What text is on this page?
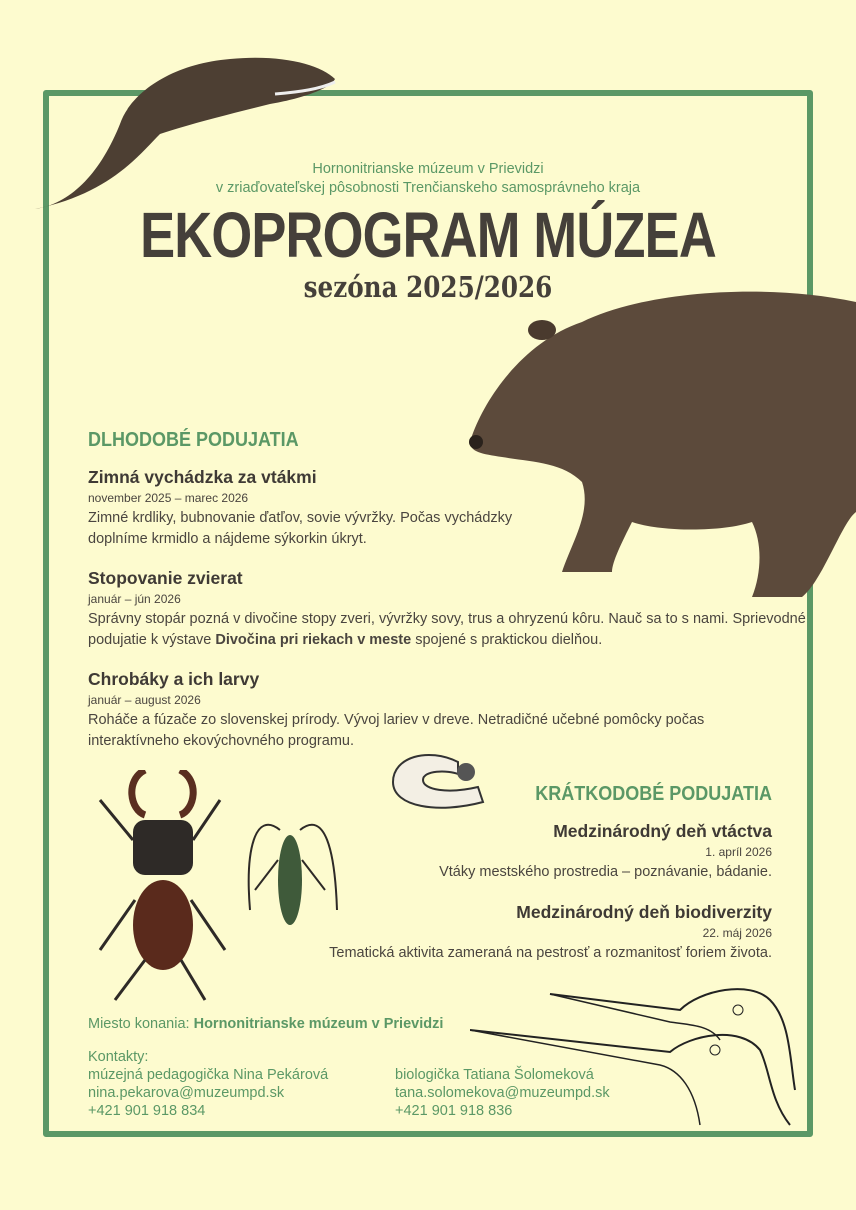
Hornonitrianske múzeum v Prievidzi
v zriaďovateľskej pôsobnosti Trenčianskeho samosprávneho kraja
EKOPROGRAM MÚZEA
sezóna 2025/2026
DLHODOBÉ PODUJATIA
Zimná vychádzka za vtákmi
november 2025 – marec 2026

Zimné krdliky, bubnovanie ďatľov, sovie vývržky. Počas vychádzky doplníme krmidlo a nájdeme sýkorkin úkryt.

Stopovanie zvierat
január – jún 2026

Správny stopár pozná v divočine stopy zveri, vývržky sovy, trus a ohryzenú kôru. Nauč sa to s nami. Sprievodné podujatie k výstave Divočina pri riekach v meste spojené s praktickou dielňou.

Chrobáky a ich larvy
január – august 2026

Roháče a fúzače zo slovenskej prírody. Vývoj lariev v dreve. Netradičné učebné pomôcky počas interaktívneho ekovýchovného programu.

KRÁTKODOBÉ PODUJATIA
Medzinárodný deň vtáctva
1. apríl 2026

Vtáky mestského prostredia – poznávanie, bádanie.

Medzinárodný deň biodiverzity
22. máj 2026

Tematická aktivita zameraná na pestrosť a rozmanitosť foriem života.

Miesto konania: Hornonitrianske múzeum v Prievidzi
Kontakty:
múzejná pedagogička Nina Pekárová
nina.pekarova@muzeumpd.sk
+421 901 918 834
biologička Tatiana Šolomeková
tana.solomekova@muzeumpd.sk
+421 901 918 836
